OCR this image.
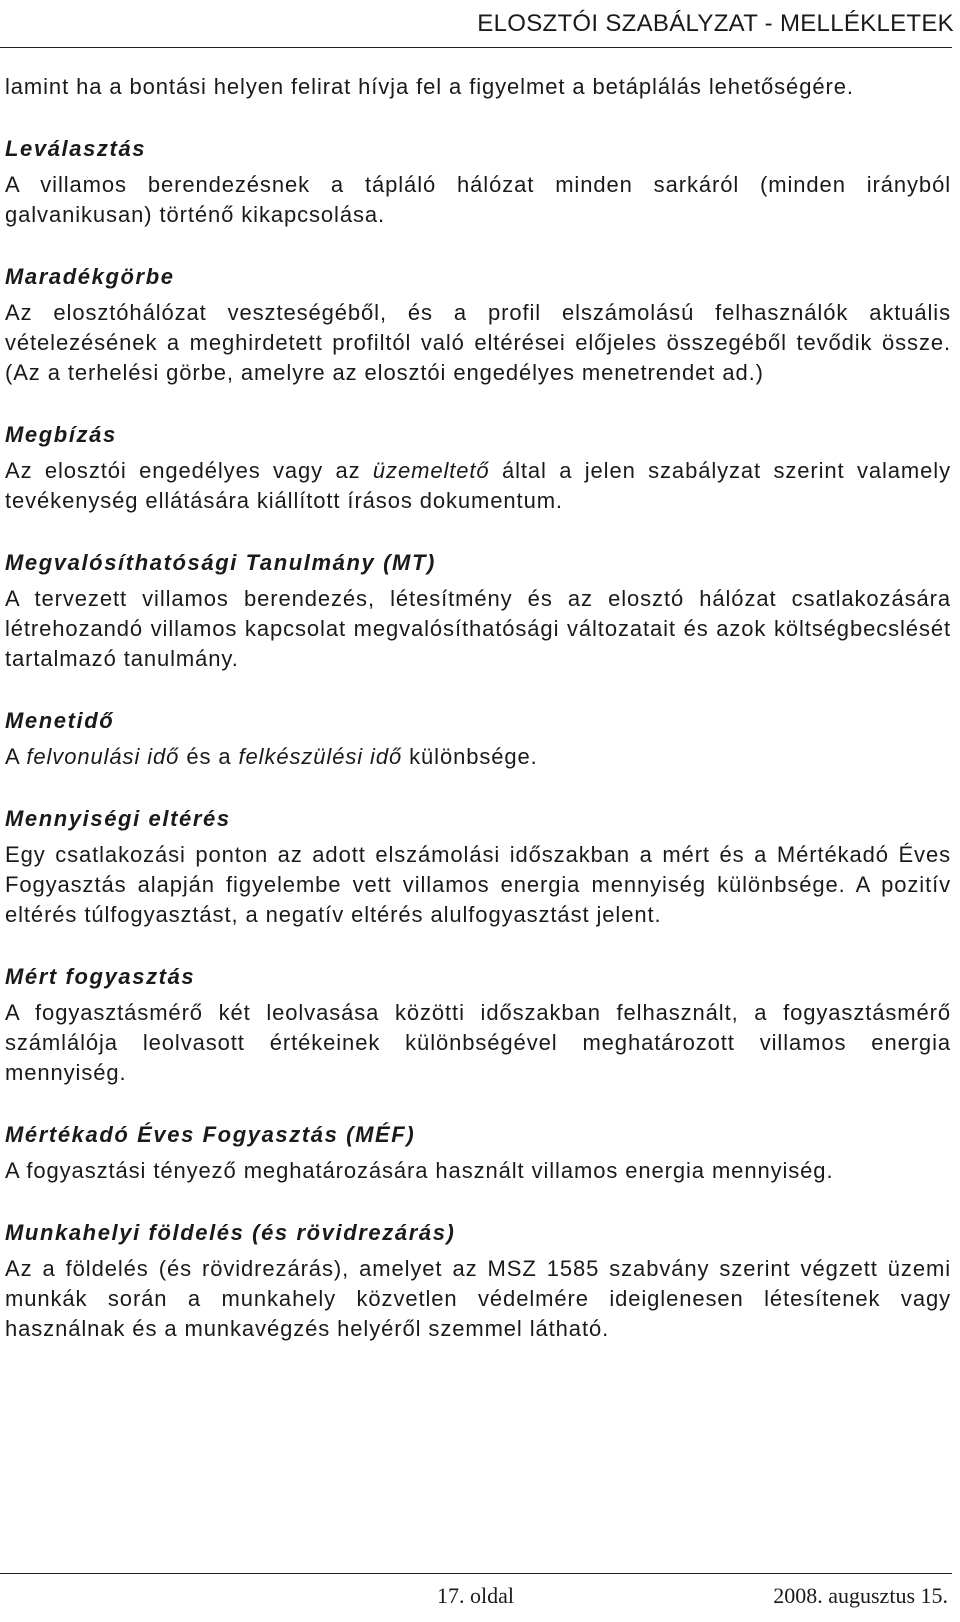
ELOSZTÓI SZABÁLYZAT - MELLÉKLETEK
lamint ha a bontási helyen felirat hívja fel a figyelmet a betáplálás lehetőségére.
Leválasztás
A villamos berendezésnek a tápláló hálózat minden sarkáról (minden irányból galvanikusan) történő kikapcsolása.
Maradékgörbe
Az elosztóhálózat veszteségéből, és a profil elszámolású felhasználók aktuális vételezésének a meghirdetett profiltól való eltérései előjeles összegéből tevődik össze. (Az a terhelési görbe, amelyre az elosztói engedélyes menetrendet ad.)
Megbízás
Az elosztói engedélyes vagy az üzemeltető által a jelen szabályzat szerint valamely tevékenység ellátására kiállított írásos dokumentum.
Megvalósíthatósági Tanulmány (MT)
A tervezett villamos berendezés, létesítmény és az elosztó hálózat csatlakozására létrehozandó villamos kapcsolat megvalósíthatósági változatait és azok költségbecslését tartalmazó tanulmány.
Menetidő
A felvonulási idő és a felkészülési idő különbsége.
Mennyiségi eltérés
Egy csatlakozási ponton az adott elszámolási időszakban a mért és a Mértékadó Éves Fogyasztás alapján figyelembe vett villamos energia mennyiség különbsége. A pozitív eltérés túlfogyasztást, a negatív eltérés alulfogyasztást jelent.
Mért fogyasztás
A fogyasztásmérő két leolvasása közötti időszakban felhasznált, a fogyasztásmérő számlálója leolvasott értékeinek különbségével meghatározott villamos energia mennyiség.
Mértékadó Éves Fogyasztás (MÉF)
A fogyasztási tényező meghatározására használt villamos energia mennyiség.
Munkahelyi földelés (és rövidrezárás)
Az a földelés (és rövidrezárás), amelyet az MSZ 1585 szabvány szerint végzett üzemi munkák során a munkahely közvetlen védelmére ideiglenesen létesítenek vagy használnak és a munkavégzés helyéről szemmel látható.
17. oldal	2008. augusztus 15.
